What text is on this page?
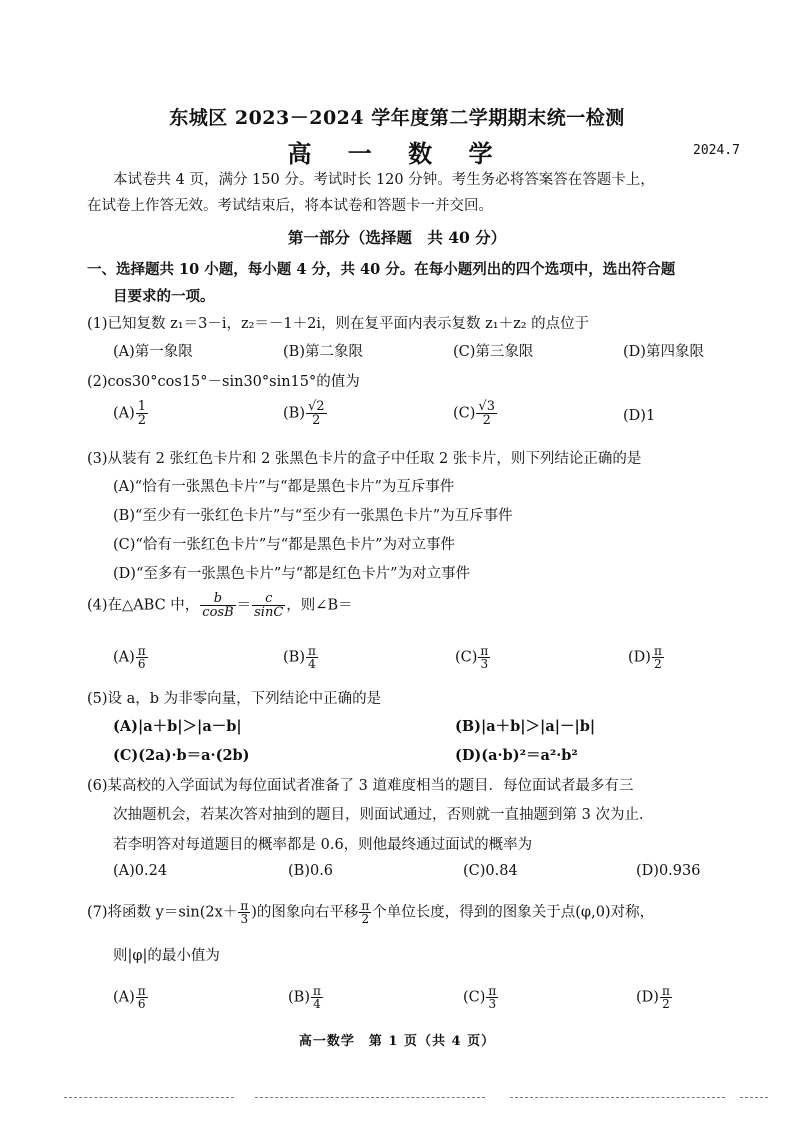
东城区 2023－2024 学年度第二学期期末统一检测
高 一 数 学	2024.7
本试卷共 4 页，满分 150 分。考试时长 120 分钟。考生务必将答案答在答题卡上，
在试卷上作答无效。考试结束后，将本试卷和答题卡一并交回。
第一部分（选择题　共 40 分）
一、选择题共 10 小题，每小题 4 分，共 40 分。在每小题列出的四个选项中，选出符合题
目要求的一项。
(1)已知复数 z₁＝3－i，z₂＝－1＋2i，则在复平面内表示复数 z₁＋z₂ 的点位于
(A)第一象限	(B)第二象限	(C)第三象限	(D)第四象限
(2)cos30°cos15°－sin30°sin15°的值为
$(A) \frac{1}{2}$	$(B) \frac{√2}{2}$	$(C) \frac{√3}{2}$	(D)1
(3)从装有 2 张红色卡片和 2 张黑色卡片的盒子中任取 2 张卡片，则下列结论正确的是
(A)“恰有一张黑色卡片”与“都是黑色卡片”为互斥事件
(B)“至少有一张红色卡片”与“至少有一张黑色卡片”为互斥事件
(C)“恰有一张红色卡片”与“都是黑色卡片”为对立事件
(D)“至多有一张黑色卡片”与“都是红色卡片”为对立事件
(4)在△ABC 中， $\frac{b}{\cos B} = \frac{c}{\sin C}$ ，则∠B＝
$(A) \frac{\pi}{6}$	$(B) \frac{\pi}{4}$	$(C) \frac{\pi}{3}$	$(D) \frac{\pi}{2}$
(5)设 a，b 为非零向量，下列结论中正确的是
(A)|a＋b|＞|a－b|	(B)|a＋b|＞|a|－|b|
(C)(2a)·b＝a·(2b)	(D)(a·b)²＝a²·b²
(6)某高校的入学面试为每位面试者准备了 3 道难度相当的题目．每位面试者最多有三
次抽题机会，若某次答对抽到的题目，则面试通过，否则就一直抽题到第 3 次为止．
若李明答对每道题目的概率都是 0.6，则他最终通过面试的概率为
(A)0.24	(B)0.6	(C)0.84	(D)0.936
(7)将函数 $y=\sin(2x+ \frac{\pi}{3}$ )的图象向右平移 $\frac{\pi}{2}$ 个单位长度，得到的图象关于点(φ,0)对称，
则|φ|的最小值为
$(A) \frac{\pi}{6}$	$(B) \frac{\pi}{4}$	$(C) \frac{\pi}{3}$	$(D) \frac{\pi}{2}$
高一数学　第 1 页（共 4 页）
